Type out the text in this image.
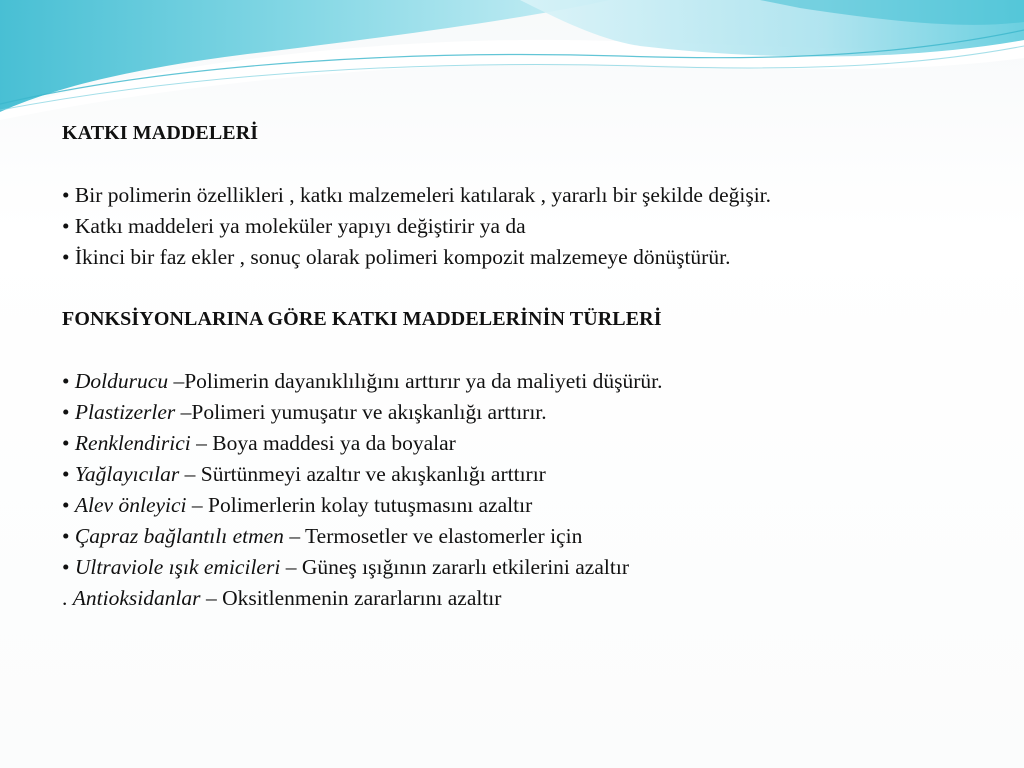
KATKI MADDELERİ

• Bir polimerin özellikleri , katkı malzemeleri katılarak , yararlı bir şekilde değişir.

• Katkı maddeleri ya moleküler yapıyı değiştirir ya da

• İkinci bir faz ekler , sonuç olarak polimeri kompozit malzemeye dönüştürür.

FONKSİYONLARINA GÖRE KATKI MADDELERİNİN TÜRLERİ

• Doldurucu –Polimerin dayanıklılığını arttırır ya da maliyeti düşürür.

• Plastizerler –Polimeri yumuşatır ve akışkanlığı arttırır.

• Renklendirici – Boya maddesi ya da boyalar

• Yağlayıcılar – Sürtünmeyi azaltır ve akışkanlığı arttırır

• Alev önleyici – Polimerlerin kolay tutuşmasını azaltır

• Çapraz bağlantılı etmen – Termosetler ve elastomerler için

• Ultraviole ışık emicileri – Güneş ışığının zararlı etkilerini azaltır

. Antioksidanlar – Oksitlenmenin zararlarını azaltır
